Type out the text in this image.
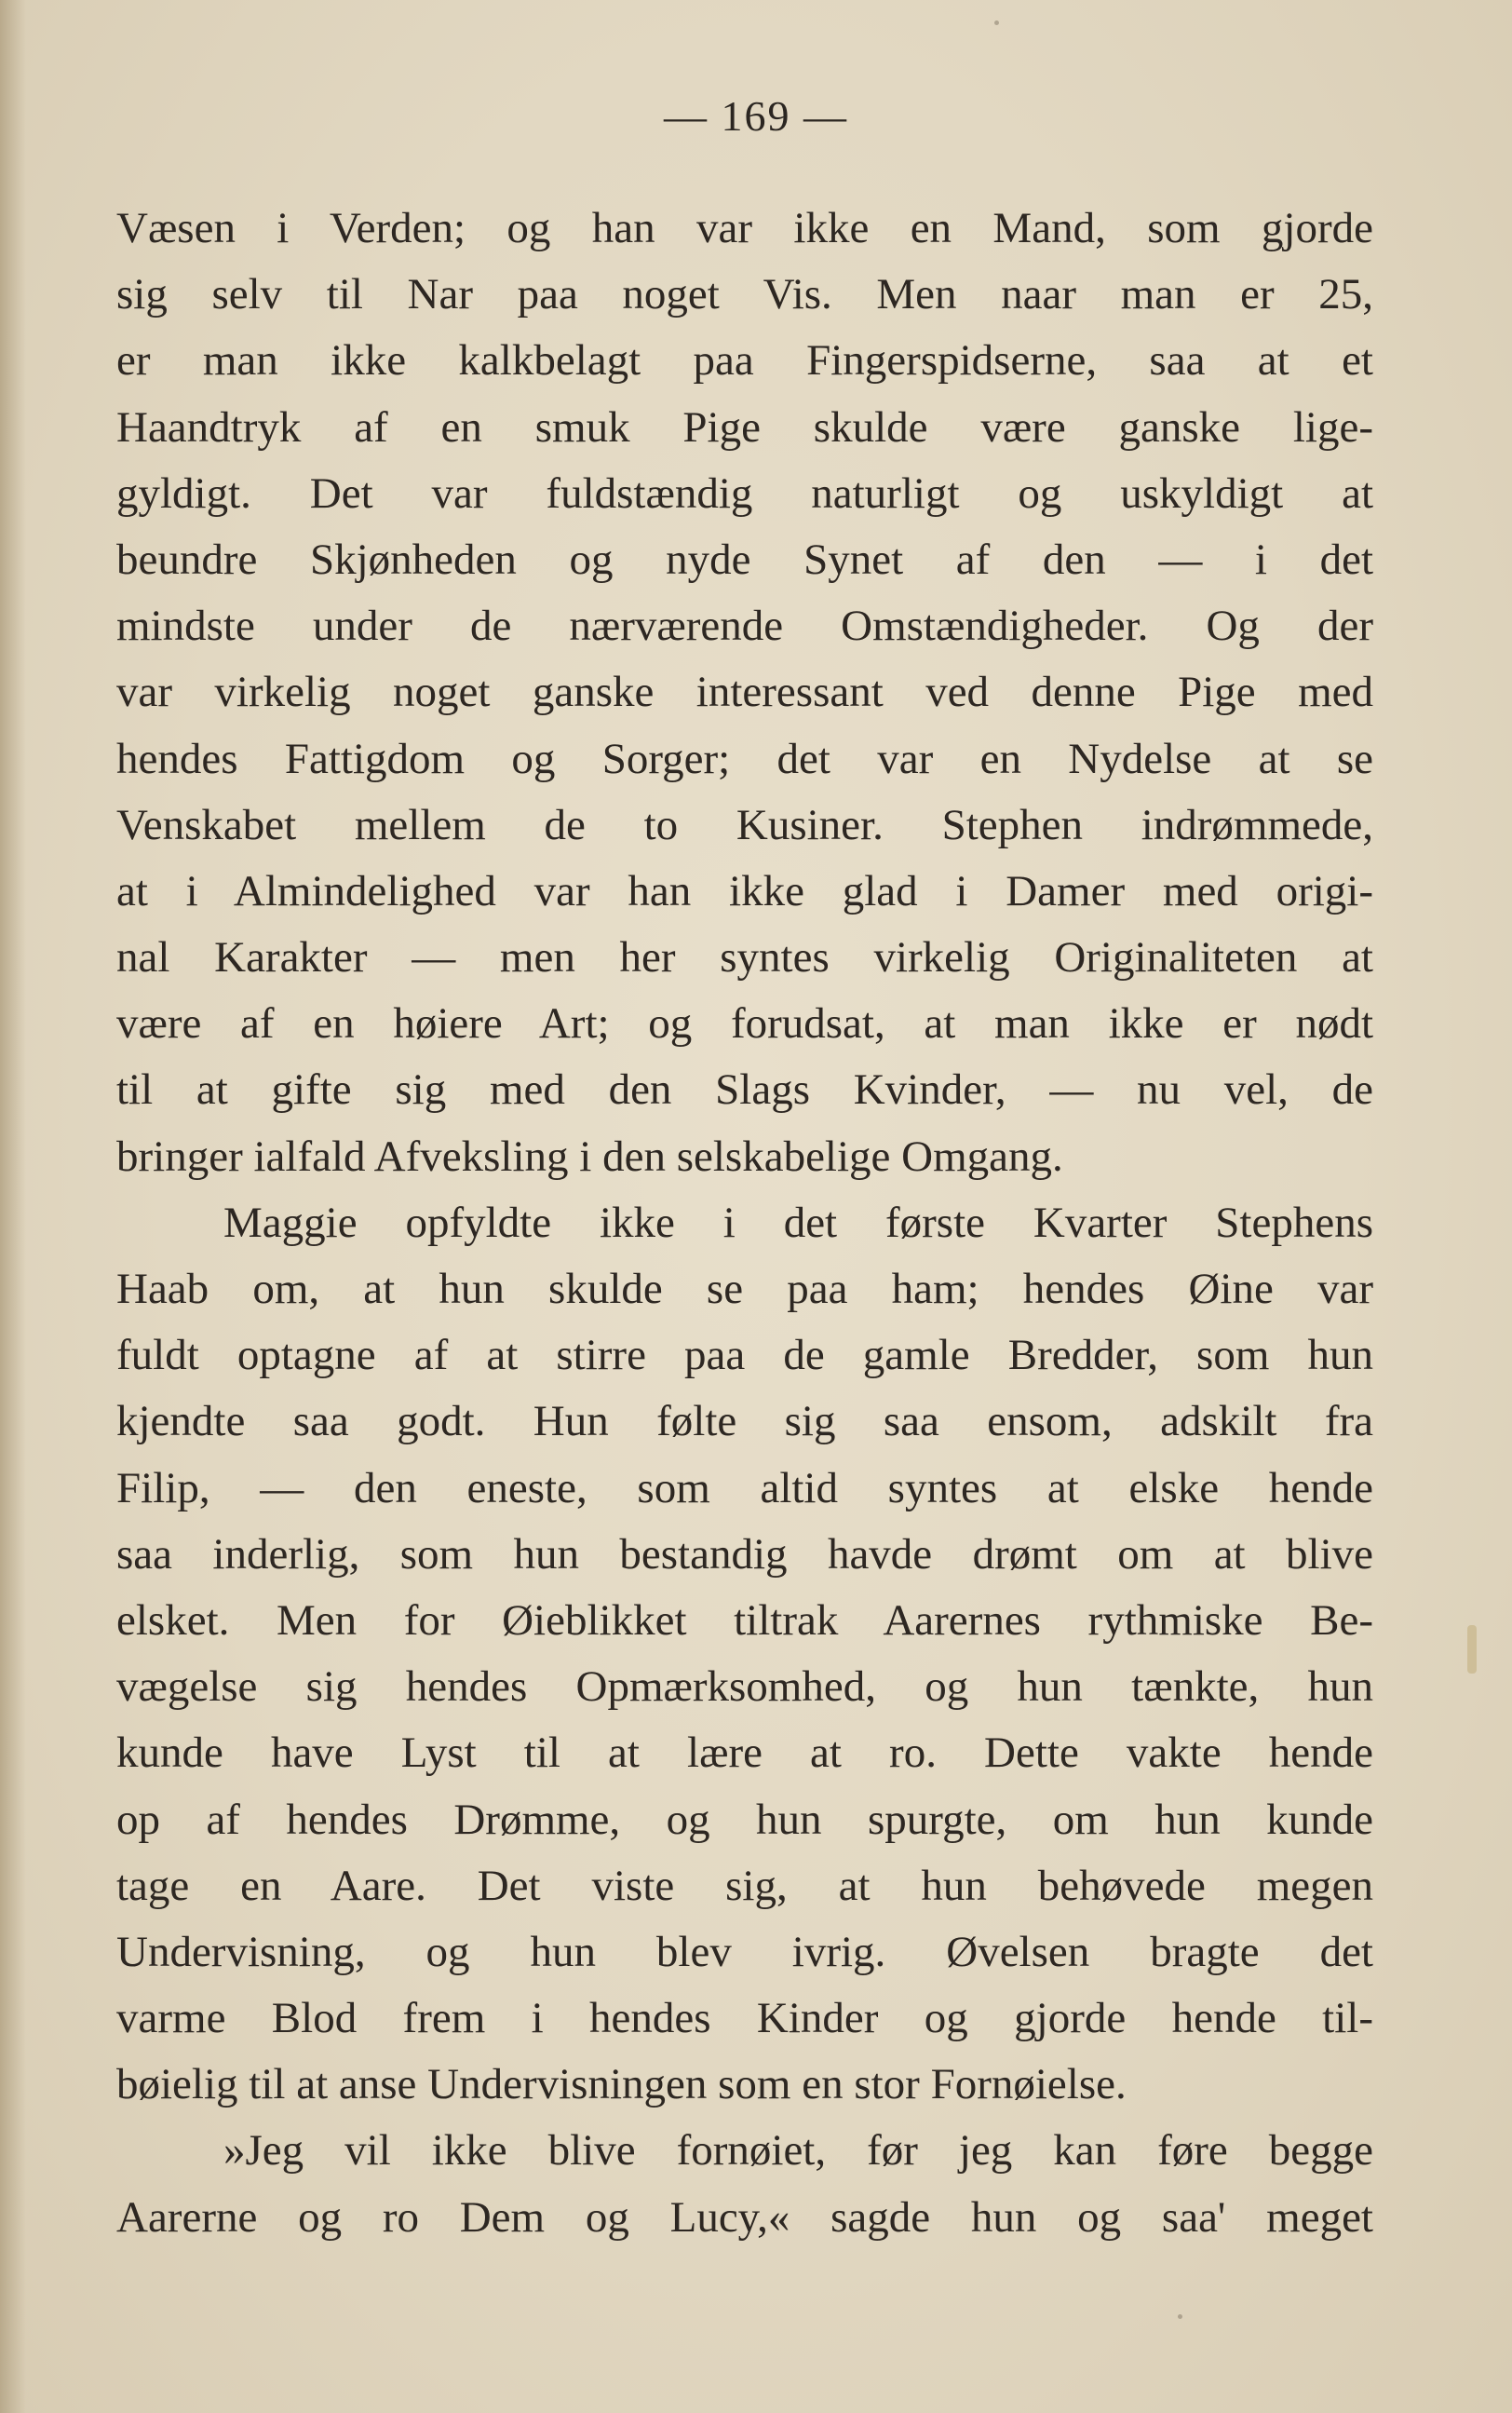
— 169 —
Væsen i Verden; og han var ikke en Mand, som gjorde
sig selv til Nar paa noget Vis. Men naar man er 25,
er man ikke kalkbelagt paa Fingerspidserne, saa at et
Haandtryk af en smuk Pige skulde være ganske lige-
gyldigt. Det var fuldstændig naturligt og uskyldigt at
beundre Skjønheden og nyde Synet af den — i det
mindste under de nærværende Omstændigheder. Og der
var virkelig noget ganske interessant ved denne Pige med
hendes Fattigdom og Sorger; det var en Nydelse at se
Venskabet mellem de to Kusiner. Stephen indrømmede,
at i Almindelighed var han ikke glad i Damer med origi-
nal Karakter — men her syntes virkelig Originaliteten at
være af en høiere Art; og forudsat, at man ikke er nødt
til at gifte sig med den Slags Kvinder, — nu vel, de
bringer ialfald Afveksling i den selskabelige Omgang.
Maggie opfyldte ikke i det første Kvarter Stephens
Haab om, at hun skulde se paa ham; hendes Øine var
fuldt optagne af at stirre paa de gamle Bredder, som hun
kjendte saa godt. Hun følte sig saa ensom, adskilt fra
Filip, — den eneste, som altid syntes at elske hende
saa inderlig, som hun bestandig havde drømt om at blive
elsket. Men for Øieblikket tiltrak Aarernes rythmiske Be-
vægelse sig hendes Opmærksomhed, og hun tænkte, hun
kunde have Lyst til at lære at ro. Dette vakte hende
op af hendes Drømme, og hun spurgte, om hun kunde
tage en Aare. Det viste sig, at hun behøvede megen
Undervisning, og hun blev ivrig. Øvelsen bragte det
varme Blod frem i hendes Kinder og gjorde hende til-
bøielig til at anse Undervisningen som en stor Fornøielse.
»Jeg vil ikke blive fornøiet, før jeg kan føre begge
Aarerne og ro Dem og Lucy,« sagde hun og saa' meget
